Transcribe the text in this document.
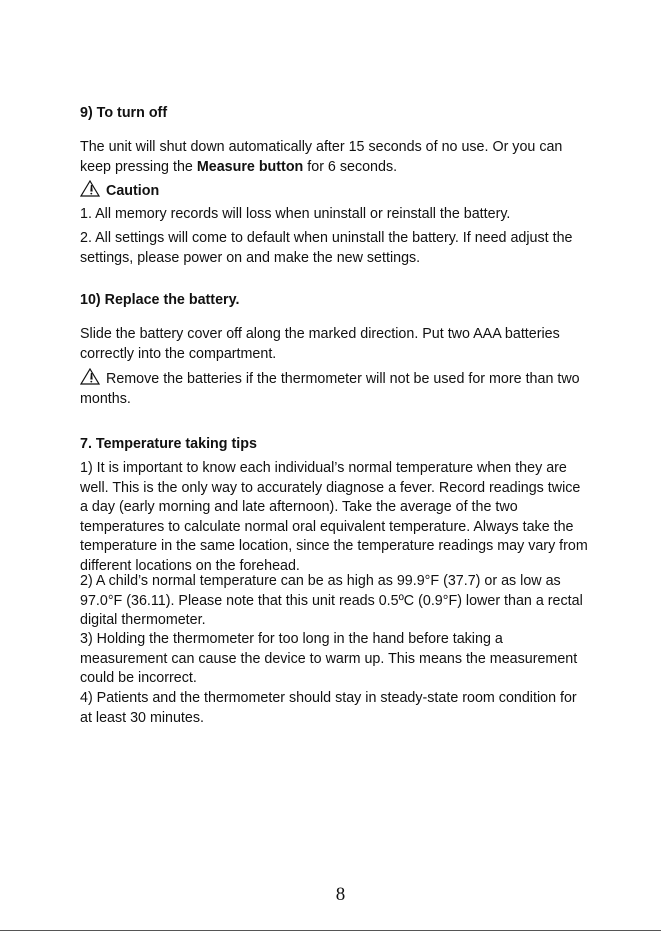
9) To turn off
The unit will shut down automatically after 15 seconds of no use. Or you can keep pressing the Measure button for 6 seconds.
Caution
1. All memory records will loss when uninstall or reinstall the battery.
2. All settings will come to default when uninstall the battery. If need adjust the settings, please power on and make the new settings.
10) Replace the battery.
Slide the battery cover off along the marked direction. Put two AAA batteries correctly into the compartment.
Remove the batteries if the thermometer will not be used for more than two months.
7. Temperature taking tips
1) It is important to know each individual’s normal temperature when they are well. This is the only way to accurately diagnose a fever. Record readings twice a day (early morning and late afternoon). Take the average of the two temperatures to calculate normal oral equivalent temperature. Always take the temperature in the same location, since the temperature readings may vary from different locations on the forehead.
2) A child’s normal temperature can be as high as 99.9°F (37.7) or as low as 97.0°F (36.11). Please note that this unit reads 0.5ºC (0.9°F) lower than a rectal digital thermometer.
3) Holding the thermometer for too long in the hand before taking a measurement can cause the device to warm up. This means the measurement could be incorrect.
4) Patients and the thermometer should stay in steady-state room condition for at least 30 minutes.
8
